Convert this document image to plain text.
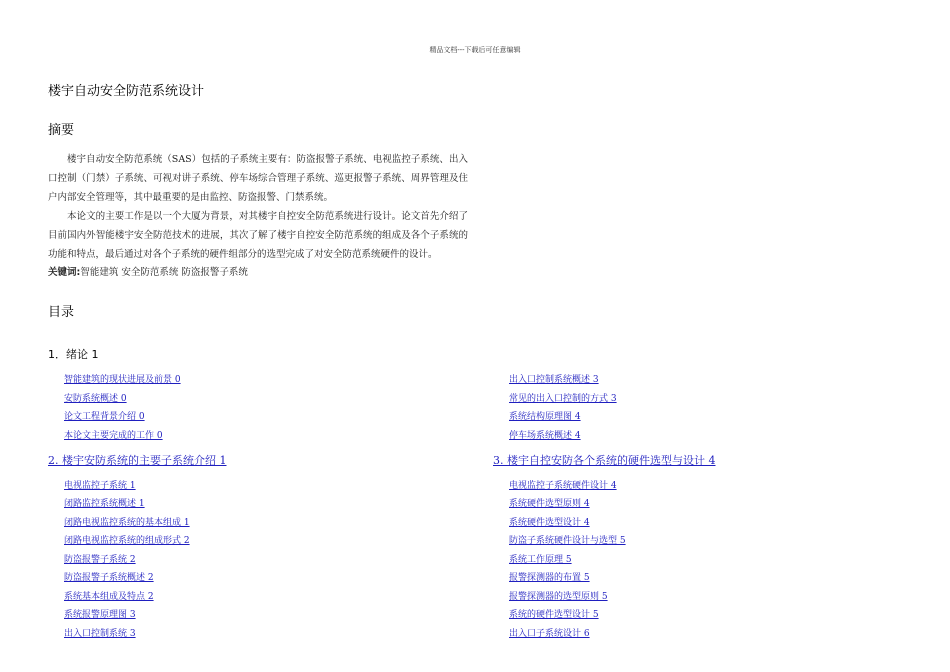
精品文档---下载后可任意编辑
楼宇自动安全防范系统设计
摘要

楼宇自动安全防范系统（SAS）包括的子系统主要有：防盗报警子系统、电视监控子系统、出入口控制（门禁）子系统、可视对讲子系统、停车场综合管理子系统、巡更报警子系统、周界管理及住户内部安全管理等，其中最重要的是由监控、防盗报警、门禁系统。

本论文的主要工作是以一个大厦为背景，对其楼宇自控安全防范系统进行设计。论文首先介绍了目前国内外智能楼宇安全防范技术的进展，其次了解了楼宇自控安全防范系统的组成及各个子系统的功能和特点，最后通过对各个子系统的硬件组部分的选型完成了对安全防范系统硬件的设计。

关键词:智能建筑 安全防范系统 防盗报警子系统
目录
1．绪论 1
智能建筑的现状进展及前景 0
安防系统概述 0
论文工程背景介绍 0
本论文主要完成的工作 0
2. 楼宇安防系统的主要子系统介绍 1
电视监控子系统 1
闭路监控系统概述 1
闭路电视监控系统的基本组成 1
闭路电视监控系统的组成形式 2
防盗报警子系统 2
防盗报警子系统概述 2
系统基本组成及特点 2
系统报警原理图 3
出入口控制系统 3
出入口控制系统概述 3
常见的出入口控制的方式 3
系统结构原理图 4
停车场系统概述 4
3. 楼宇自控安防各个系统的硬件选型与设计 4
电视监控子系统硬件设计 4
系统硬件选型原则 4
系统硬件选型设计 4
防盗子系统硬件设计与选型 5
系统工作原理 5
报警探测器的布置 5
报警探测器的选型原则 5
系统的硬件选型设计 5
出入口子系统设计 6
